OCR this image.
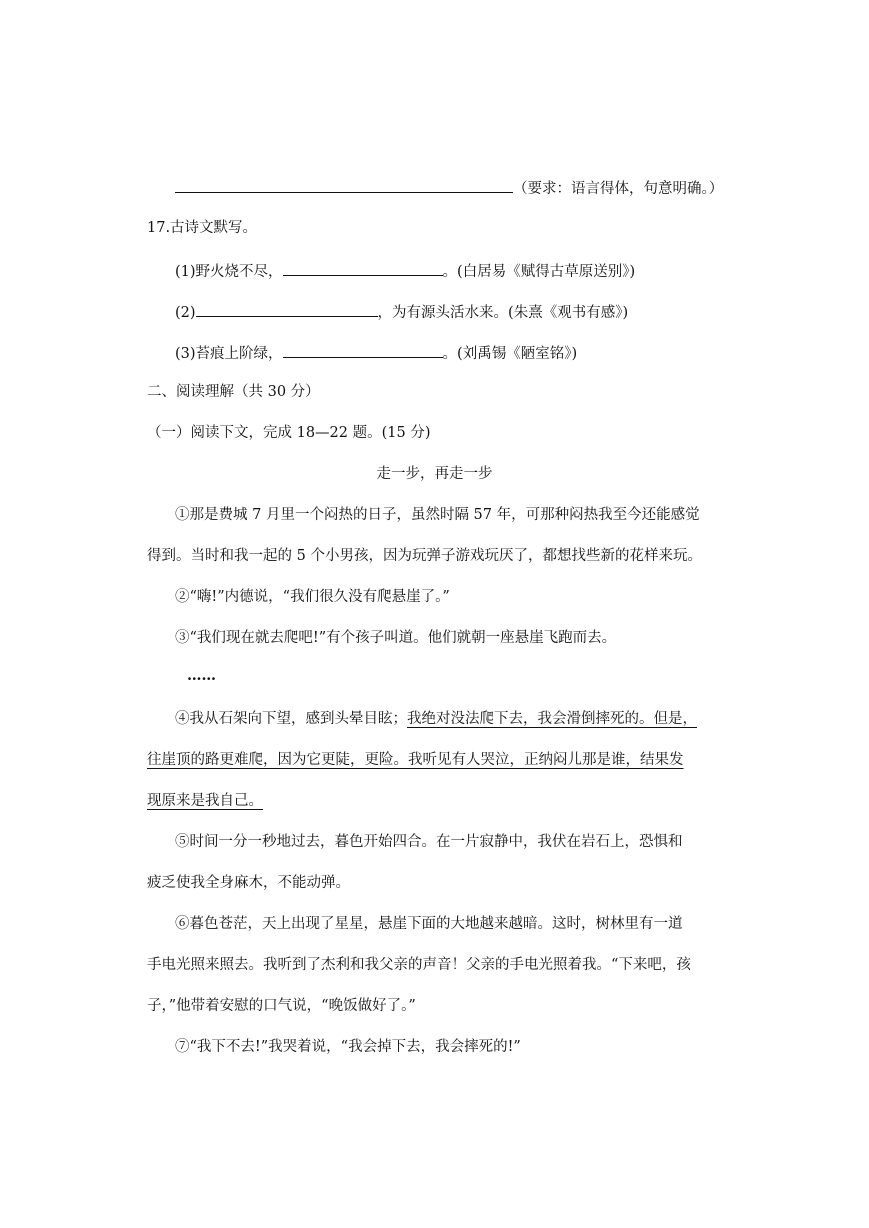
（要求：语言得体，句意明确。）
17.古诗文默写。
(1)野火烧不尽，	。(白居易《赋得古草原送别》)
(2)	，为有源头活水来。(朱熹《观书有感》)
(3)苔痕上阶绿，	。(刘禹锡《陋室铭》)
二、阅读理解（共 30 分）
（一）阅读下文，完成 18—22 题。(15 分)
走一步，再走一步
①那是费城 7 月里一个闷热的日子，虽然时隔 57 年，可那种闷热我至今还能感觉
得到。当时和我一起的 5 个小男孩，因为玩弹子游戏玩厌了，都想找些新的花样来玩。
②“嗨!”内德说，“我们很久没有爬悬崖了。”
③“我们现在就去爬吧!”有个孩子叫道。他们就朝一座悬崖飞跑而去。
……
④我从石架向下望，感到头晕目眩；我绝对没法爬下去，我会滑倒摔死的。但是，
往崖顶的路更难爬，因为它更陡，更险。我听见有人哭泣，正纳闷儿那是谁，结果发
现原来是我自己。
⑤时间一分一秒地过去，暮色开始四合。在一片寂静中，我伏在岩石上，恐惧和
疲乏使我全身麻木，不能动弹。
⑥暮色苍茫，天上出现了星星，悬崖下面的大地越来越暗。这时，树林里有一道
手电光照来照去。我听到了杰利和我父亲的声音！父亲的手电光照着我。“下来吧，孩
子，”他带着安慰的口气说，“晚饭做好了。”
⑦“我下不去!”我哭着说，“我会掉下去，我会摔死的!”
